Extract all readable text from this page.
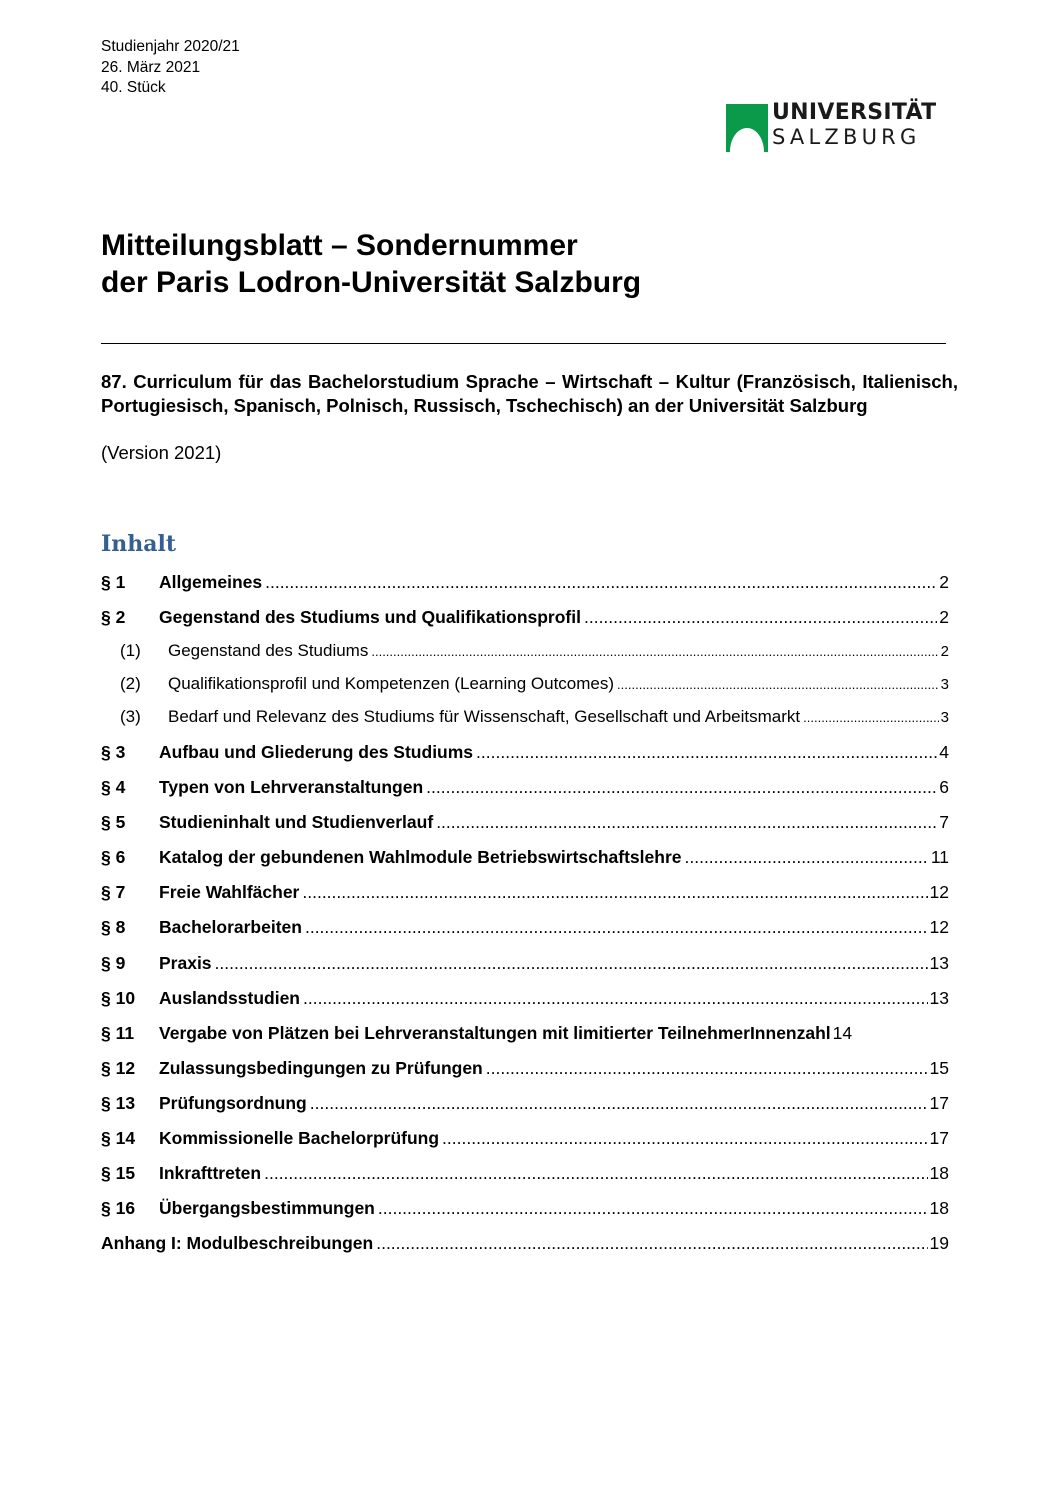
Studienjahr 2020/21
26. März 2021
40. Stück
UNIVERSITÄT
SALZBURG
Mitteilungsblatt – Sondernummer
der Paris Lodron-Universität Salzburg
87. Curriculum für das Bachelorstudium Sprache – Wirtschaft – Kultur (Französisch, Italienisch, Portugiesisch, Spanisch, Polnisch, Russisch, Tschechisch) an der Universität Salzburg
(Version 2021)
Inhalt
§ 1	Allgemeines .....	2
§ 2	Gegenstand des Studiums und Qualifikationsprofil .....	2
(1)	Gegenstand des Studiums .....	2
(2)	Qualifikationsprofil und Kompetenzen (Learning Outcomes) .....	3
(3)	Bedarf und Relevanz des Studiums für Wissenschaft, Gesellschaft und Arbeitsmarkt .....	3
§ 3	Aufbau und Gliederung des Studiums .....	4
§ 4	Typen von Lehrveranstaltungen .....	6
§ 5	Studieninhalt und Studienverlauf .....	7
§ 6	Katalog der gebundenen Wahlmodule Betriebswirtschaftslehre .....	11
§ 7	Freie Wahlfächer .....	12
§ 8	Bachelorarbeiten .....	12
§ 9	Praxis .....	13
§ 10	Auslandsstudien .....	13
§ 11	Vergabe von Plätzen bei Lehrveranstaltungen mit limitierter TeilnehmerInnenzahl 14
§ 12	Zulassungsbedingungen zu Prüfungen .....	15
§ 13	Prüfungsordnung .....	17
§ 14	Kommissionelle Bachelorprüfung .....	17
§ 15	Inkrafttreten .....	18
§ 16	Übergangsbestimmungen .....	18
Anhang I: Modulbeschreibungen .....	19
